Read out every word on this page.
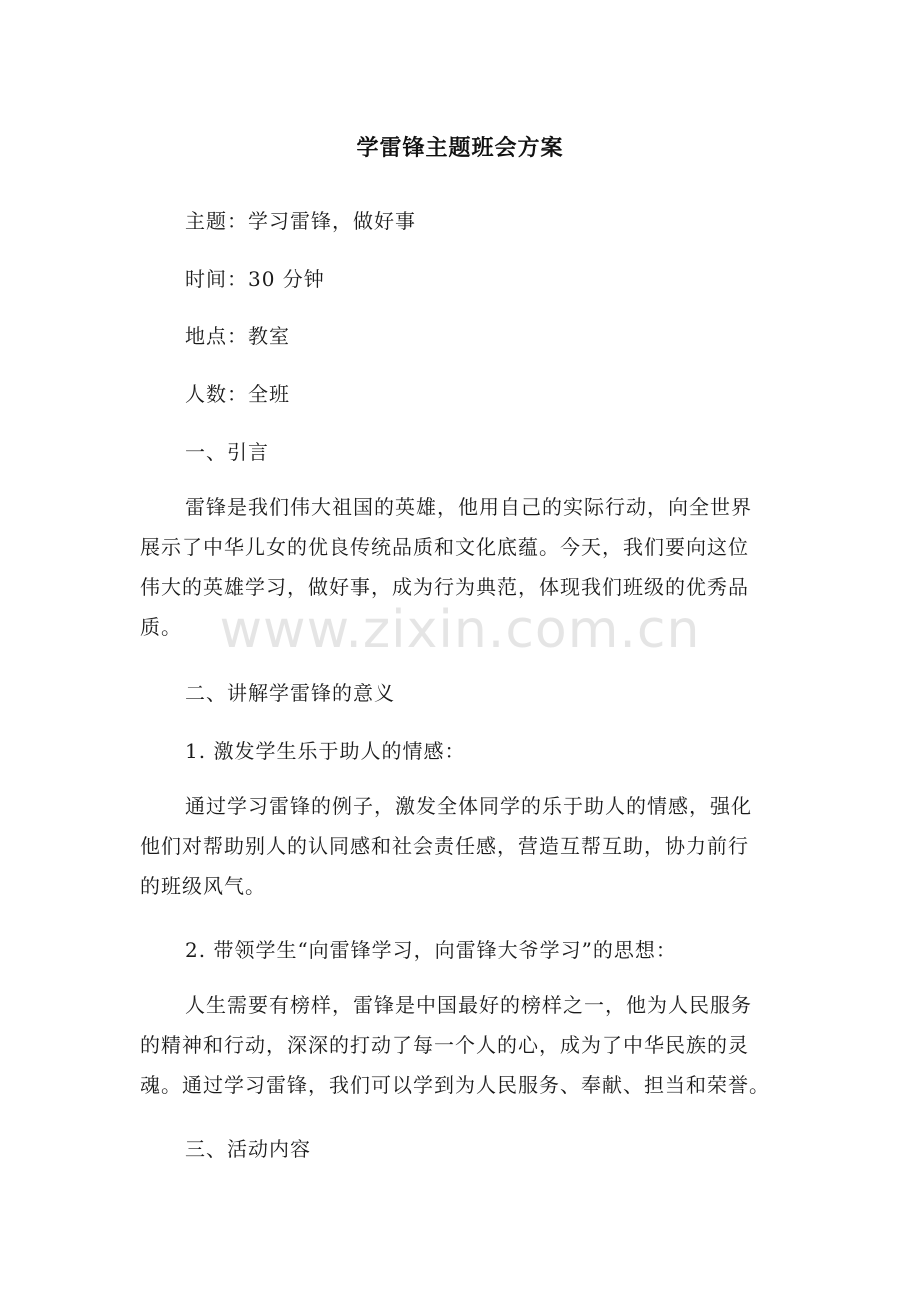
学雷锋主题班会方案
主题：学习雷锋，做好事
时间：30 分钟
地点：教室
人数：全班
一、引言
雷锋是我们伟大祖国的英雄，他用自己的实际行动，向全世界
展示了中华儿女的优良传统品质和文化底蕴。今天，我们要向这位
伟大的英雄学习，做好事，成为行为典范，体现我们班级的优秀品
质。
二、讲解学雷锋的意义
1. 激发学生乐于助人的情感：
通过学习雷锋的例子，激发全体同学的乐于助人的情感，强化
他们对帮助别人的认同感和社会责任感，营造互帮互助，协力前行
的班级风气。
2. 带领学生“向雷锋学习，向雷锋大爷学习”的思想：
人生需要有榜样，雷锋是中国最好的榜样之一，他为人民服务
的精神和行动，深深的打动了每一个人的心，成为了中华民族的灵
魂。通过学习雷锋，我们可以学到为人民服务、奉献、担当和荣誉。
三、活动内容
www.zixin.com.cn
